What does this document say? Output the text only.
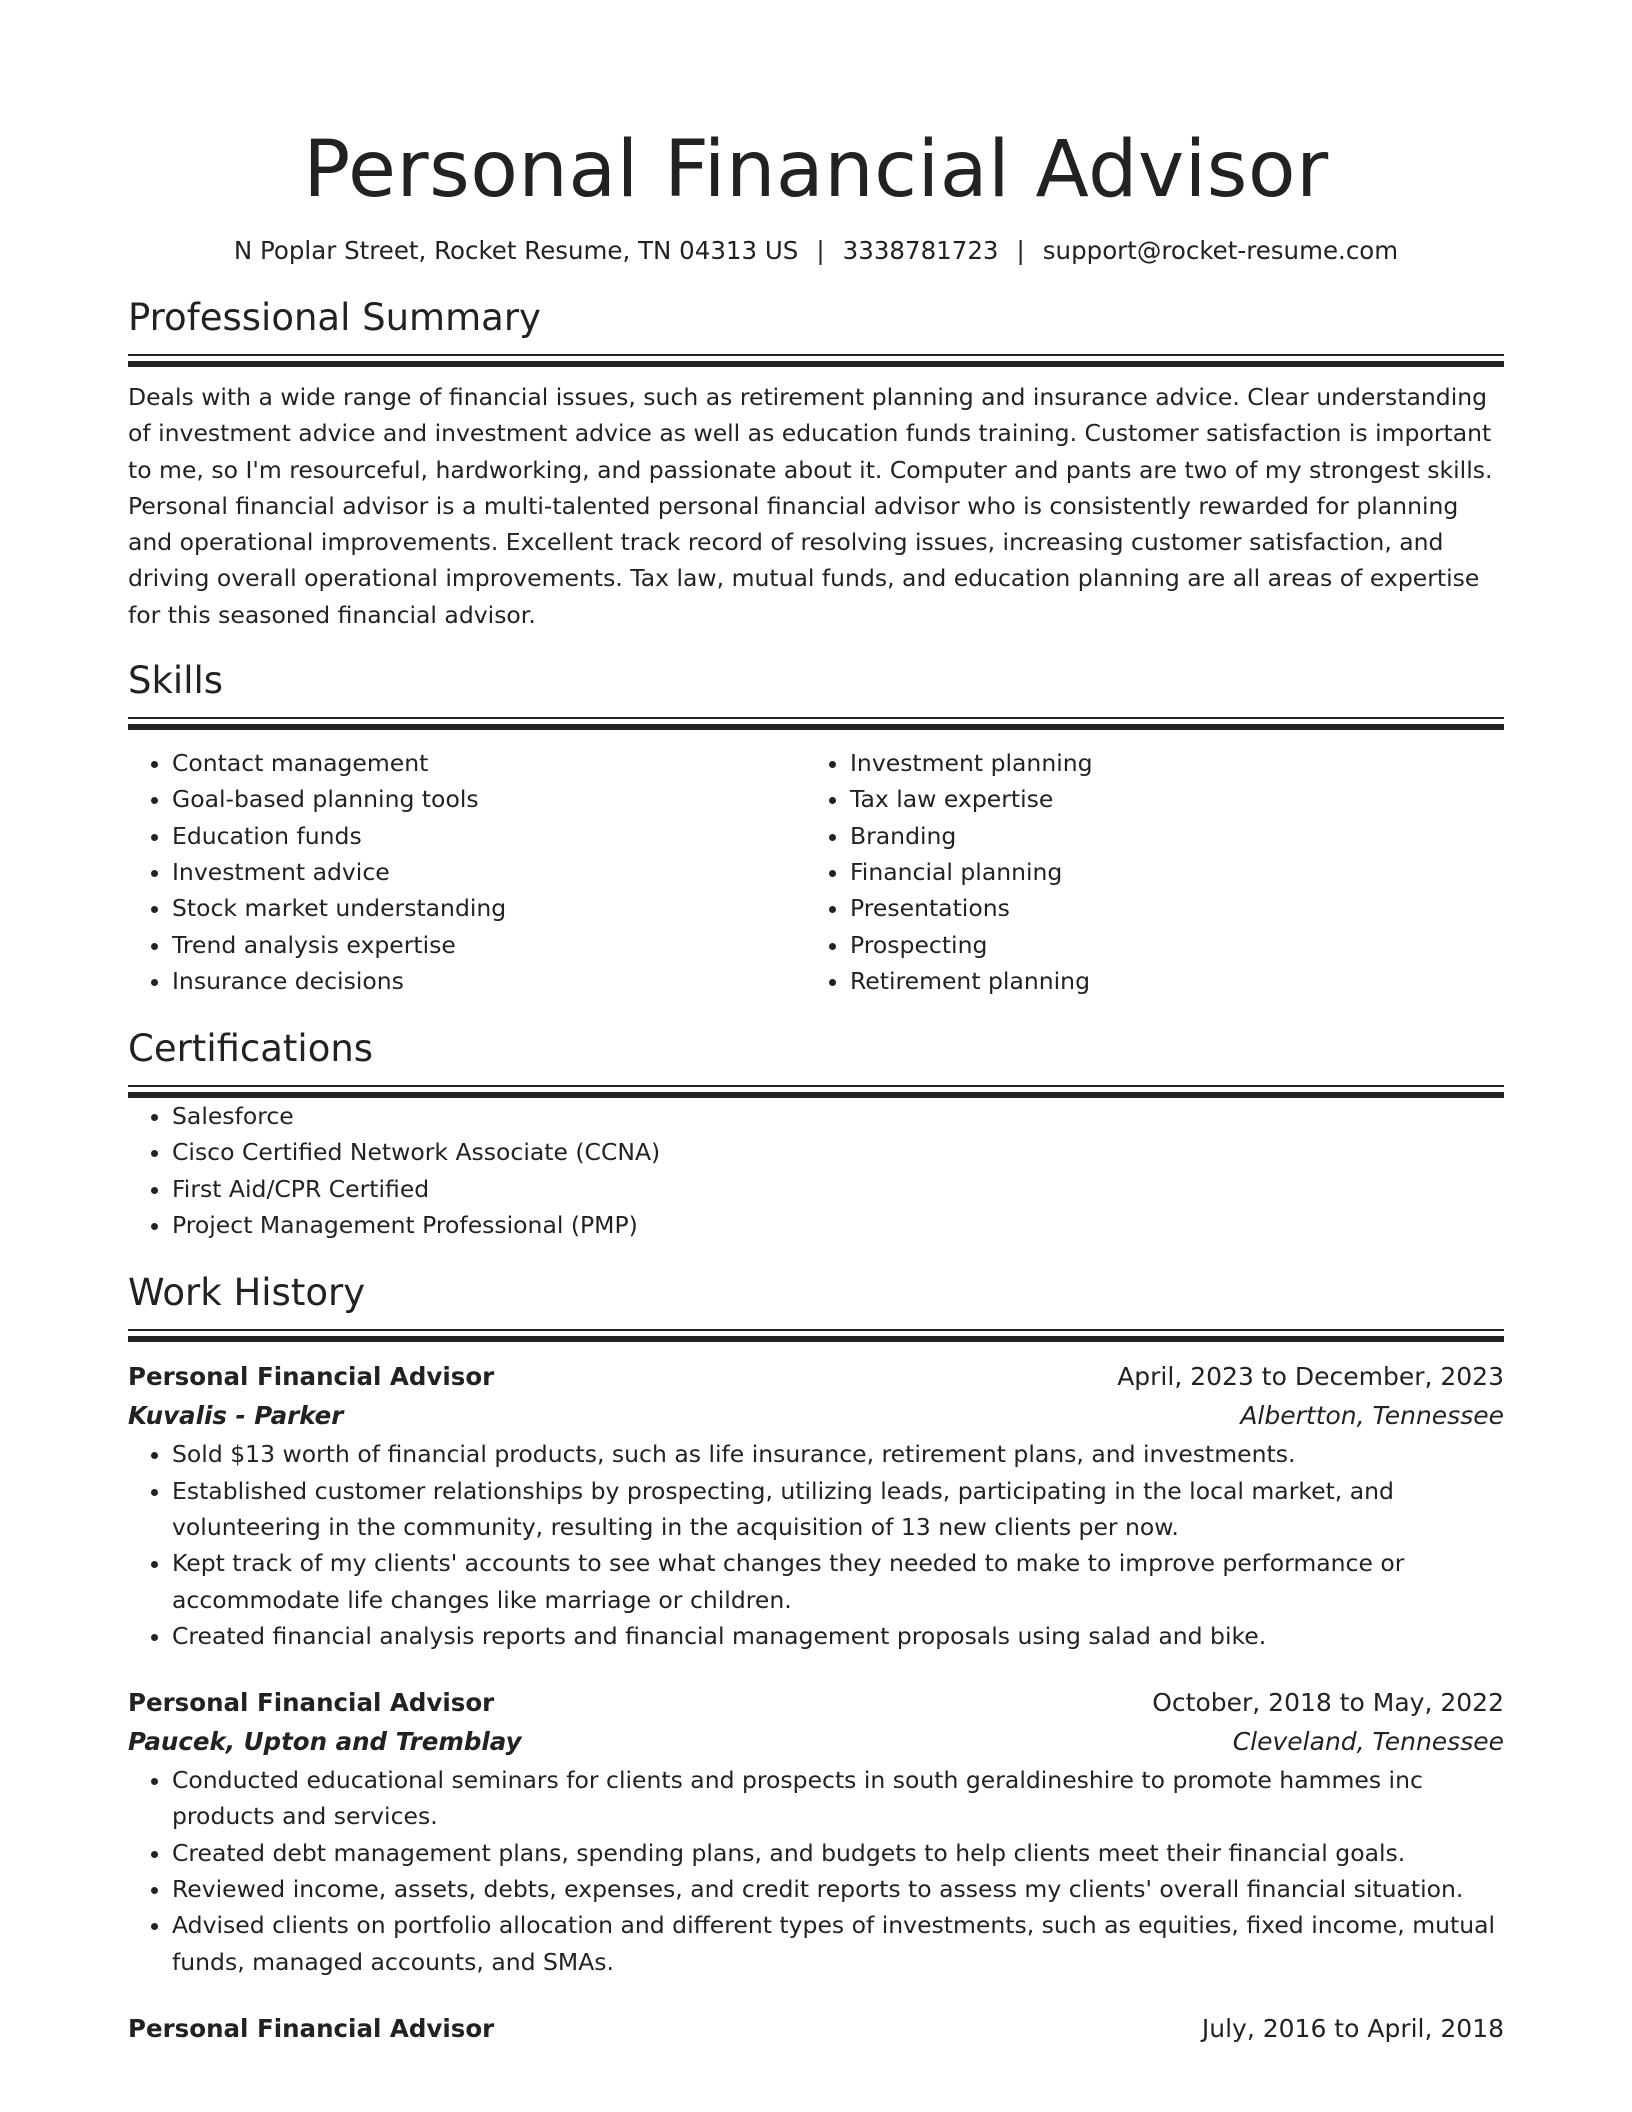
Personal Financial Advisor
N Poplar Street, Rocket Resume, TN 04313 US | 3338781723 | support@rocket-resume.com
Professional Summary

Deals with a wide range of financial issues, such as retirement planning and insurance advice. Clear understanding of investment advice and investment advice as well as education funds training. Customer satisfaction is important to me, so I'm resourceful, hardworking, and passionate about it. Computer and pants are two of my strongest skills. Personal financial advisor is a multi-talented personal financial advisor who is consistently rewarded for planning and operational improvements. Excellent track record of resolving issues, increasing customer satisfaction, and driving overall operational improvements. Tax law, mutual funds, and education planning are all areas of expertise for this seasoned financial advisor.

Skills
• Contact management
• Goal-based planning tools
• Education funds
• Investment advice
• Stock market understanding
• Trend analysis expertise
• Insurance decisions
• Investment planning
• Tax law expertise
• Branding
• Financial planning
• Presentations
• Prospecting
• Retirement planning
Certifications
• Salesforce
• Cisco Certified Network Associate (CCNA)
• First Aid/CPR Certified
• Project Management Professional (PMP)
Work History
Personal Financial Advisor	April, 2023 to December, 2023
Kuvalis - Parker	Albertton, Tennessee
• Sold $13 worth of financial products, such as life insurance, retirement plans, and investments.
• Established customer relationships by prospecting, utilizing leads, participating in the local market, and volunteering in the community, resulting in the acquisition of 13 new clients per now.
• Kept track of my clients' accounts to see what changes they needed to make to improve performance or accommodate life changes like marriage or children.
• Created financial analysis reports and financial management proposals using salad and bike.
Personal Financial Advisor	October, 2018 to May, 2022
Paucek, Upton and Tremblay	Cleveland, Tennessee
• Conducted educational seminars for clients and prospects in south geraldineshire to promote hammes inc products and services.
• Created debt management plans, spending plans, and budgets to help clients meet their financial goals.
• Reviewed income, assets, debts, expenses, and credit reports to assess my clients' overall financial situation.
• Advised clients on portfolio allocation and different types of investments, such as equities, fixed income, mutual funds, managed accounts, and SMAs.
Personal Financial Advisor	July, 2016 to April, 2018
